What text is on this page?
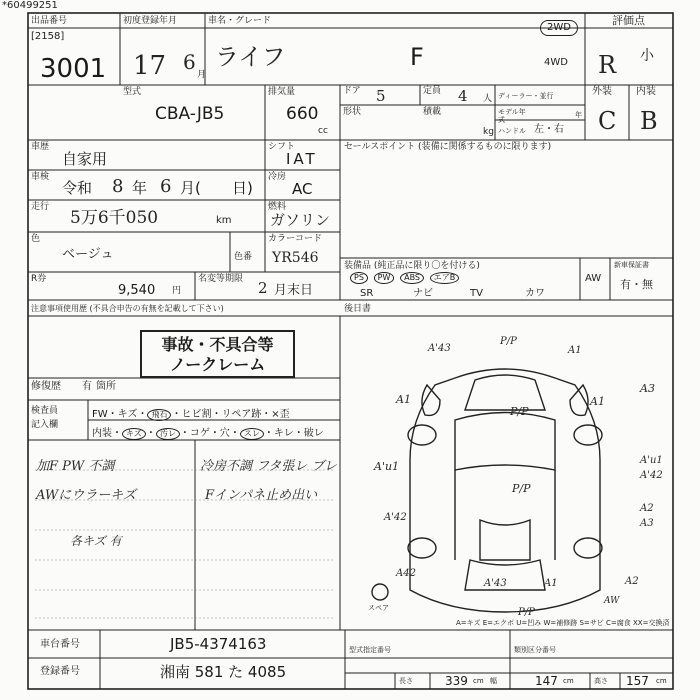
*60499251
出品番号
[2158]
3001
初度登録年月
17 6
月
車名・グレード
ライフ	F
2WD
4WD
評価点
R 小
外装 内装
C B
型式
CBA-JB5
排気量
660
cc
ドア 5	定員 4 人
形状	積載
kg
ディーラー・並行
モデル年式
年
ハンドル 左・右
車歴
自家用
シフト
IAT
セールスポイント (装備に関係するものに限ります)
車検
令和 8 年 6 月( 日)
冷房
AC
走行
5万6千050	km
燃料
ガソリン
色
ベージュ	色番
カラーコード
YR546	装備品 (純正品に限り〇を付ける)
PS PW ABS エアB	AW
SR	ナビ	TV	カワ
新車保証書
有・無
R券
9,540 円
名変等期限 2 月末日
注意事項使用歴 (不具合申告の有無を記載して下さい)	後日書
事故・不具合等
ノークレーム
修復歴 有 箇所
検査員
記入欄
FW・キズ・ 飛石 ・ヒビ割・リペア跡・×歪
内装・ キズ ・ 汚レ ・コゲ・穴・ スレ ・キレ・破レ
加F PW 不調
AWにウラーキズ
各キズ 有
冷房不調 フタ張レ ブレ
Fインパネ止め出い
A'43
P/P
A1
A1	A1
A3
P/P
A'u1	A'u1
A'42
P/P
A2
A'42
A3
A2
A42
A'43	A1
P/P
AW
スペア
A=キズ E=エクボ U=凹み W=補修跡 S=サビ C=腐食 XX=交換済
車台番号	JB5-4374163
登録番号	湘南 581 た 4085
型式指定番号	類別区分番号
長さ	339 cm 幅	147 cm	高さ 157 cm
